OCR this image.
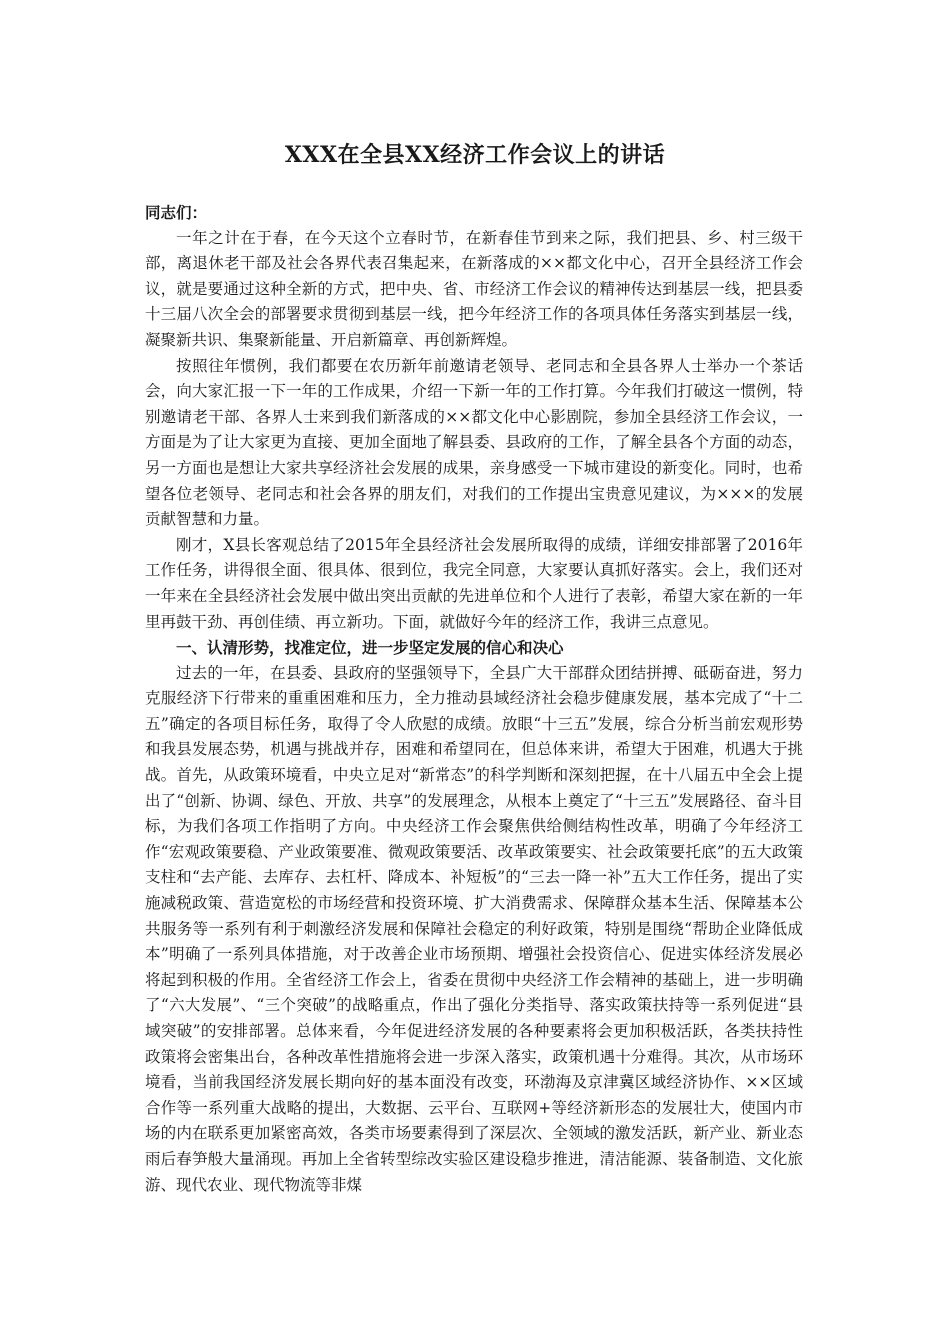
XXX在全县XX经济工作会议上的讲话

同志们：

一年之计在于春，在今天这个立春时节，在新春佳节到来之际，我们把县、乡、村三级干部，离退休老干部及社会各界代表召集起来，在新落成的××都文化中心，召开全县经济工作会议，就是要通过这种全新的方式，把中央、省、市经济工作会议的精神传达到基层一线，把县委十三届八次全会的部署要求贯彻到基层一线，把今年经济工作的各项具体任务落实到基层一线，凝聚新共识、集聚新能量、开启新篇章、再创新辉煌。

按照往年惯例，我们都要在农历新年前邀请老领导、老同志和全县各界人士举办一个茶话会，向大家汇报一下一年的工作成果，介绍一下新一年的工作打算。今年我们打破这一惯例，特别邀请老干部、各界人士来到我们新落成的××都文化中心影剧院，参加全县经济工作会议，一方面是为了让大家更为直接、更加全面地了解县委、县政府的工作，了解全县各个方面的动态，另一方面也是想让大家共享经济社会发展的成果，亲身感受一下城市建设的新变化。同时，也希望各位老领导、老同志和社会各界的朋友们，对我们的工作提出宝贵意见建议，为×××的发展贡献智慧和力量。

刚才，X县长客观总结了2015年全县经济社会发展所取得的成绩，详细安排部署了2016年工作任务，讲得很全面、很具体、很到位，我完全同意，大家要认真抓好落实。会上，我们还对一年来在全县经济社会发展中做出突出贡献的先进单位和个人进行了表彰，希望大家在新的一年里再鼓干劲、再创佳绩、再立新功。下面，就做好今年的经济工作，我讲三点意见。

一、认清形势，找准定位，进一步坚定发展的信心和决心

过去的一年，在县委、县政府的坚强领导下，全县广大干部群众团结拼搏、砥砺奋进，努力克服经济下行带来的重重困难和压力，全力推动县域经济社会稳步健康发展，基本完成了“十二五”确定的各项目标任务，取得了令人欣慰的成绩。放眼“十三五”发展，综合分析当前宏观形势和我县发展态势，机遇与挑战并存，困难和希望同在，但总体来讲，希望大于困难，机遇大于挑战。首先，从政策环境看，中央立足对“新常态”的科学判断和深刻把握，在十八届五中全会上提出了“创新、协调、绿色、开放、共享”的发展理念，从根本上奠定了“十三五”发展路径、奋斗目标，为我们各项工作指明了方向。中央经济工作会聚焦供给侧结构性改革，明确了今年经济工作“宏观政策要稳、产业政策要准、微观政策要活、改革政策要实、社会政策要托底”的五大政策支柱和“去产能、去库存、去杠杆、降成本、补短板”的“三去一降一补”五大工作任务，提出了实施减税政策、营造宽松的市场经营和投资环境、扩大消费需求、保障群众基本生活、保障基本公共服务等一系列有利于刺激经济发展和保障社会稳定的利好政策，特别是围绕“帮助企业降低成本”明确了一系列具体措施，对于改善企业市场预期、增强社会投资信心、促进实体经济发展必将起到积极的作用。全省经济工作会上，省委在贯彻中央经济工作会精神的基础上，进一步明确了“六大发展”、“三个突破”的战略重点，作出了强化分类指导、落实政策扶持等一系列促进“县域突破”的安排部署。总体来看，今年促进经济发展的各种要素将会更加积极活跃，各类扶持性政策将会密集出台，各种改革性措施将会进一步深入落实，政策机遇十分难得。其次，从市场环境看，当前我国经济发展长期向好的基本面没有改变，环渤海及京津冀区域经济协作、××区域合作等一系列重大战略的提出，大数据、云平台、互联网+等经济新形态的发展壮大，使国内市场的内在联系更加紧密高效，各类市场要素得到了深层次、全领域的激发活跃，新产业、新业态雨后春笋般大量涌现。再加上全省转型综改实验区建设稳步推进，清洁能源、装备制造、文化旅游、现代农业、现代物流等非煤
